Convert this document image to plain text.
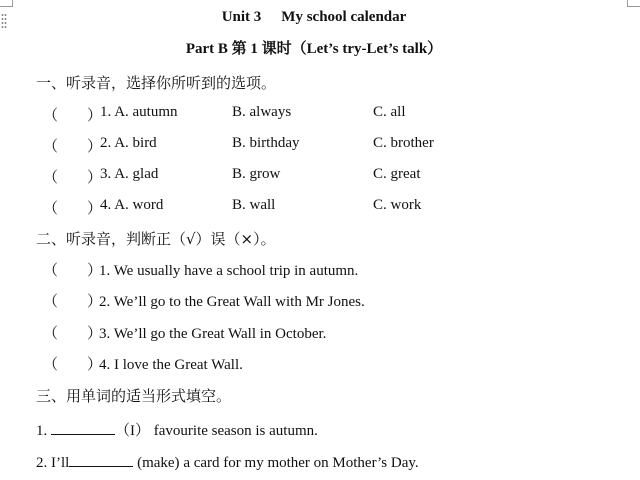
Unit 3 My school calendar
Part B 第 1 课时（Let’s try-Let’s talk）
一、听录音，选择你所听到的选项。
（ ）
1. A. autumn	B. always	C. all
（ ）
2. A. bird	B. birthday	C. brother
（ ）
3. A. glad	B. grow	C. great
（ ）
4. A. word	B. wall	C. work
二、听录音，判断正（√）误（×）。
（ ）1. We usually have a school trip in autumn.
（ ）2. We’ll go to the Great Wall with Mr Jones.
（ ）3. We’ll go the Great Wall in October.
（ ）4. I love the Great Wall.
三、用单词的适当形式填空。
1.	（I） favourite season is autumn.
2. I’ll	(make) a card for my mother on Mother’s Day.
